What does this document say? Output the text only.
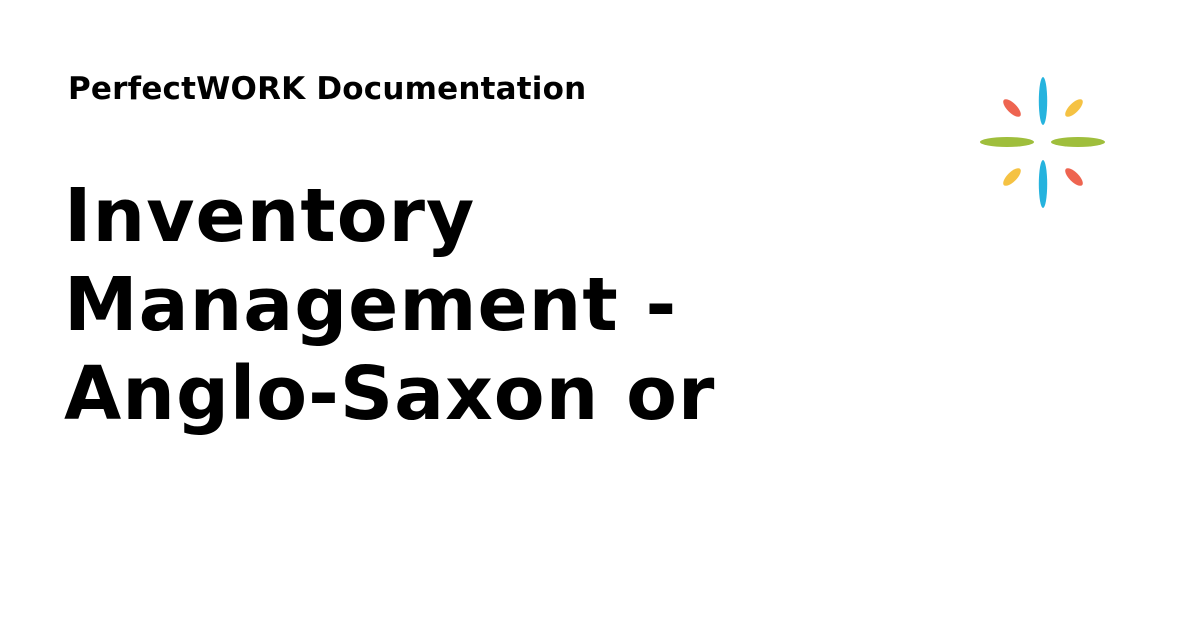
PerfectWORK Documentation
Inventory
Management -
Anglo-Saxon or
